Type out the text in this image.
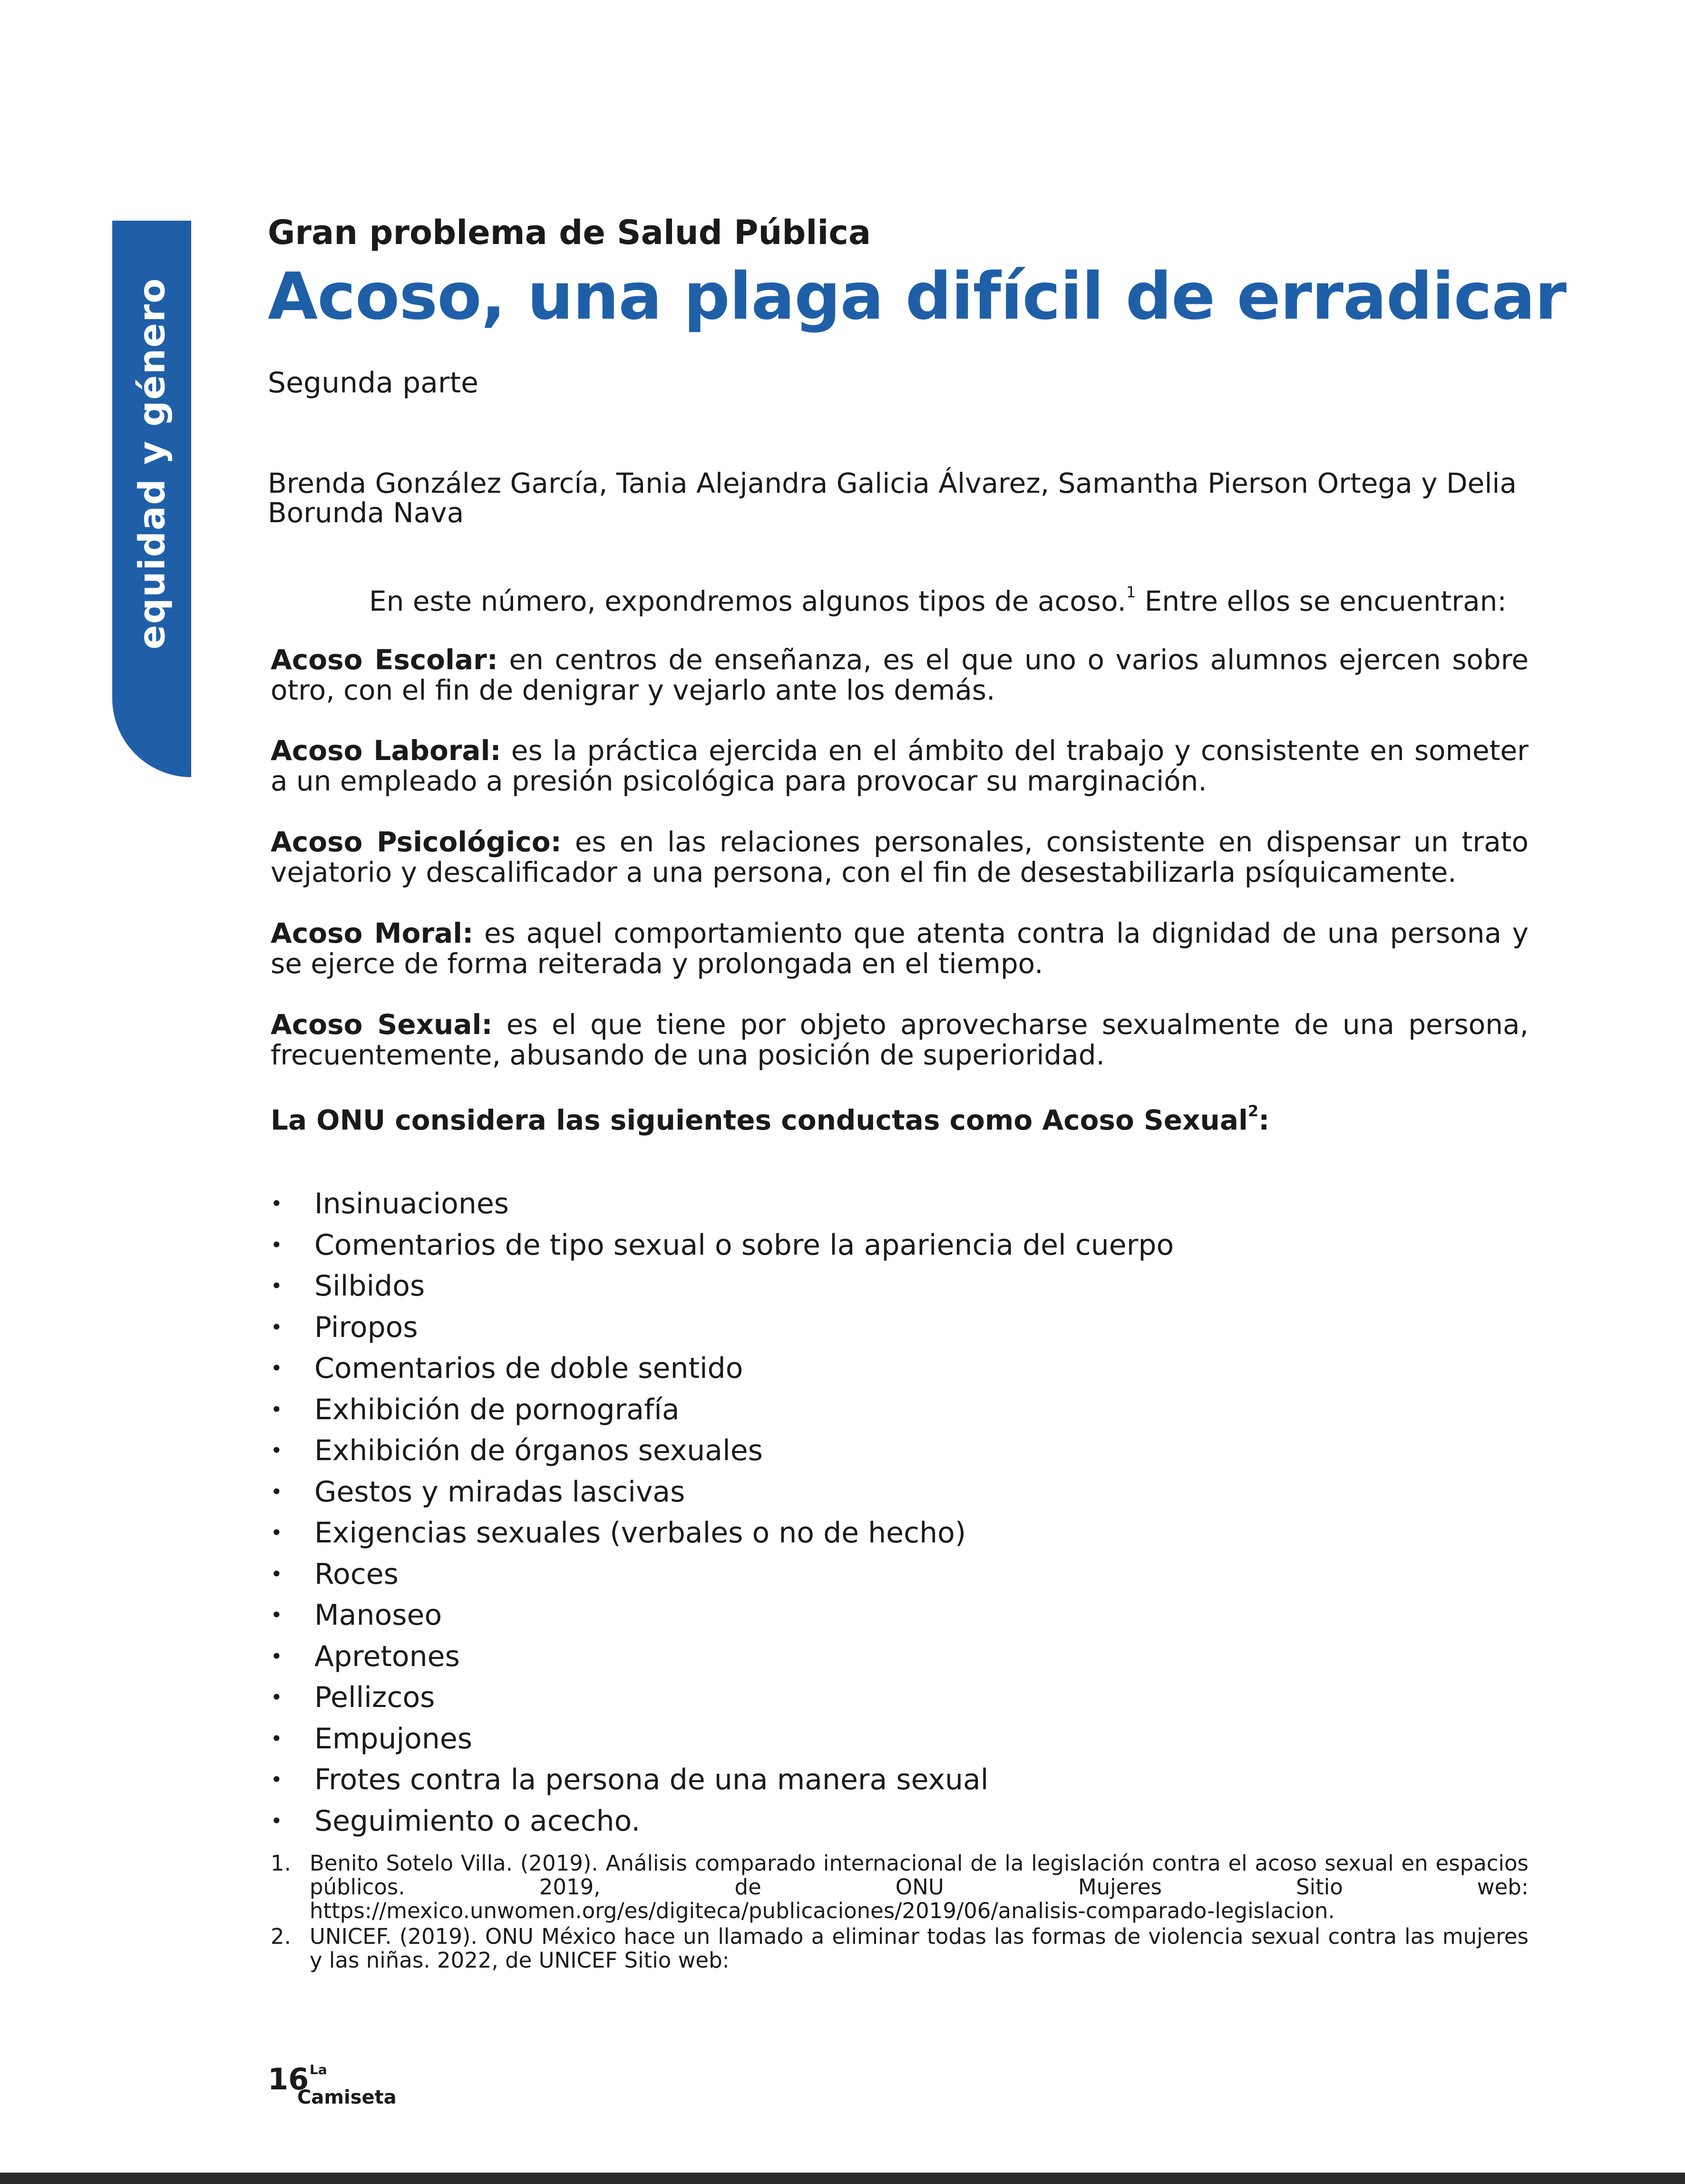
equidad y género
Gran problema de Salud Pública
Acoso, una plaga difícil de erradicar
Segunda parte
Brenda González García, Tania Alejandra Galicia Álvarez, Samantha Pierson Ortega y Delia Borunda Nava
En este número, expondremos algunos tipos de acoso.$^1$ Entre ellos se encuentran:
Acoso Escolar: en centros de enseñanza, es el que uno o varios alumnos ejercen sobre otro, con el fin de denigrar y vejarlo ante los demás.
Acoso Laboral: es la práctica ejercida en el ámbito del trabajo y consistente en someter a un empleado a presión psicológica para provocar su marginación.
Acoso Psicológico: es en las relaciones personales, consistente en dispensar un trato vejatorio y descalificador a una persona, con el fin de desestabilizarla psíquicamente.
Acoso Moral: es aquel comportamiento que atenta contra la dignidad de una persona y se ejerce de forma reiterada y prolongada en el tiempo.
Acoso Sexual: es el que tiene por objeto aprovecharse sexualmente de una persona, frecuentemente, abusando de una posición de superioridad.
La ONU considera las siguientes conductas como Acoso Sexual$^2$:
• Insinuaciones
• Comentarios de tipo sexual o sobre la apariencia del cuerpo
• Silbidos
• Piropos
• Comentarios de doble sentido
• Exhibición de pornografía
• Exhibición de órganos sexuales
• Gestos y miradas lascivas
• Exigencias sexuales (verbales o no de hecho)
• Roces
• Manoseo
• Apretones
• Pellizcos
• Empujones
• Frotes contra la persona de una manera sexual
• Seguimiento o acecho.
1. Benito Sotelo Villa. (2019). Análisis comparado internacional de la legislación contra el acoso sexual en espacios públicos. 2019, de ONU Mujeres Sitio web: https://mexico.unwomen.org/es/digiteca/publicaciones/2019/06/analisis-comparado-legislacion.
2. UNICEF. (2019). ONU México hace un llamado a eliminar todas las formas de violencia sexual contra las mujeres y las niñas. 2022, de UNICEF Sitio web:
16 La
Camiseta
